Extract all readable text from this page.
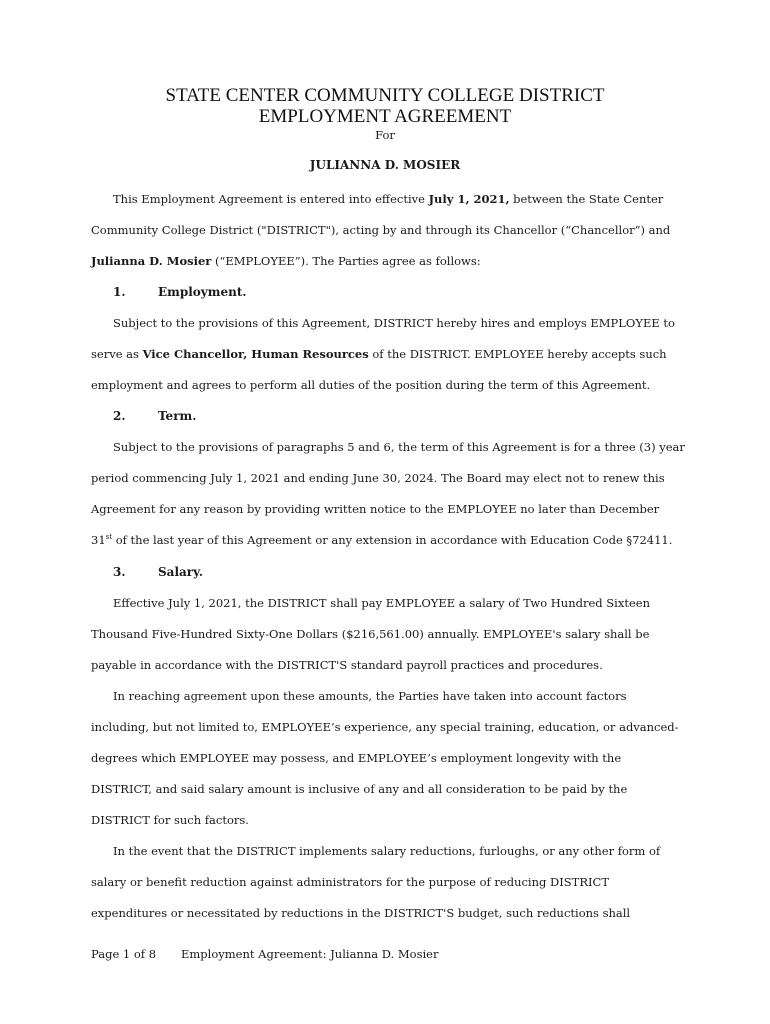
STATE CENTER COMMUNITY COLLEGE DISTRICT
EMPLOYMENT AGREEMENT
For
JULIANNA D. MOSIER
This Employment Agreement is entered into effective July 1, 2021, between the State Center
Community College District ("DISTRICT"), acting by and through its Chancellor (“Chancellor”) and
Julianna D. Mosier (“EMPLOYEE”). The Parties agree as follows:
1.	Employment.
Subject to the provisions of this Agreement, DISTRICT hereby hires and employs EMPLOYEE to
serve as Vice Chancellor, Human Resources of the DISTRICT. EMPLOYEE hereby accepts such
employment and agrees to perform all duties of the position during the term of this Agreement.
2.	Term.
Subject to the provisions of paragraphs 5 and 6, the term of this Agreement is for a three (3) year
period commencing July 1, 2021 and ending June 30, 2024. The Board may elect not to renew this
Agreement for any reason by providing written notice to the EMPLOYEE no later than December
31st of the last year of this Agreement or any extension in accordance with Education Code §72411.
3.	Salary.
Effective July 1, 2021, the DISTRICT shall pay EMPLOYEE a salary of Two Hundred Sixteen
Thousand Five-Hundred Sixty-One Dollars ($216,561.00) annually. EMPLOYEE's salary shall be
payable in accordance with the DISTRICT'S standard payroll practices and procedures.
In reaching agreement upon these amounts, the Parties have taken into account factors
including, but not limited to, EMPLOYEE’s experience, any special training, education, or advanced-
degrees which EMPLOYEE may possess, and EMPLOYEE’s employment longevity with the
DISTRICT, and said salary amount is inclusive of any and all consideration to be paid by the
DISTRICT for such factors.
In the event that the DISTRICT implements salary reductions, furloughs, or any other form of
salary or benefit reduction against administrators for the purpose of reducing DISTRICT
expenditures or necessitated by reductions in the DISTRICT'S budget, such reductions shall
Page 1 of 8 Employment Agreement: Julianna D. Mosier
